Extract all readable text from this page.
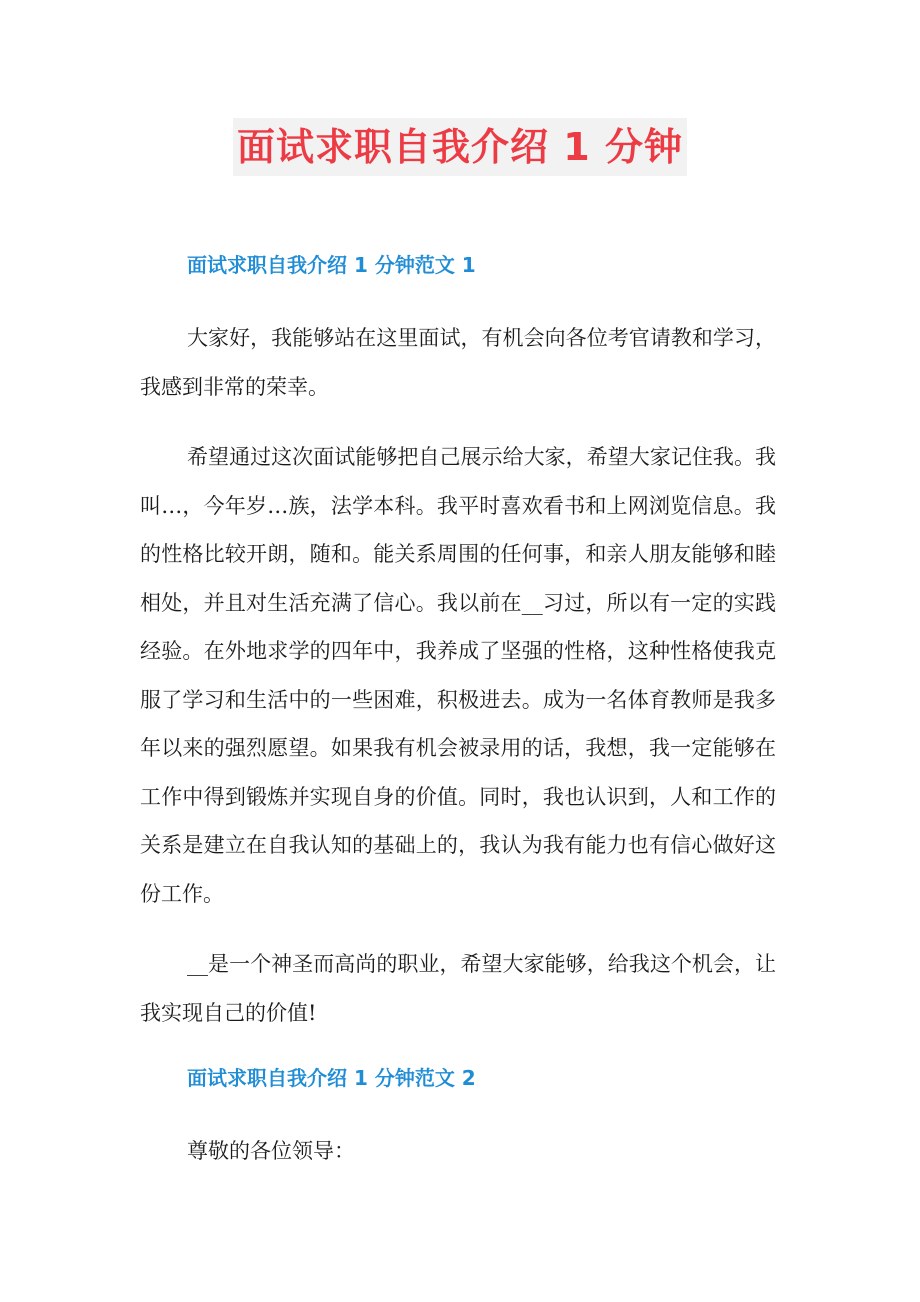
面试求职自我介绍 1 分钟

面试求职自我介绍 1 分钟范文 1

大家好，我能够站在这里面试，有机会向各位考官请教和学习，我感到非常的荣幸。

希望通过这次面试能够把自己展示给大家，希望大家记住我。我叫…，今年岁…族，法学本科。我平时喜欢看书和上网浏览信息。我的性格比较开朗，随和。能关系周围的任何事，和亲人朋友能够和睦相处，并且对生活充满了信心。我以前在__习过，所以有一定的实践经验。在外地求学的四年中，我养成了坚强的性格，这种性格使我克服了学习和生活中的一些困难，积极进去。成为一名体育教师是我多年以来的强烈愿望。如果我有机会被录用的话，我想，我一定能够在工作中得到锻炼并实现自身的价值。同时，我也认识到，人和工作的关系是建立在自我认知的基础上的，我认为我有能力也有信心做好这份工作。

__是一个神圣而高尚的职业，希望大家能够，给我这个机会，让我实现自己的价值!

面试求职自我介绍 1 分钟范文 2

尊敬的各位领导：
